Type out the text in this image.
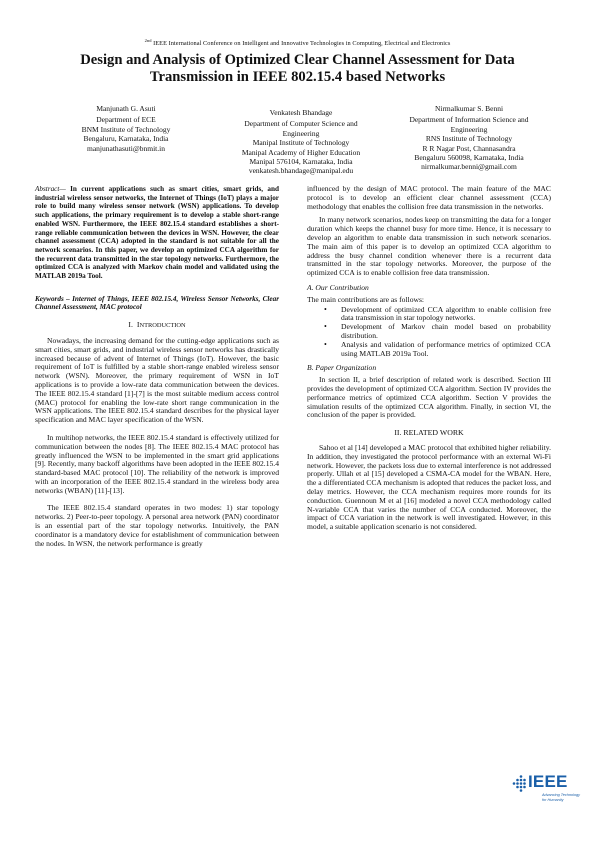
$^{2nd}$ IEEE International Conference on Intelligent and Innovative Technologies in Computing, Electrical and Electronics
Design and Analysis of Optimized Clear Channel Assessment for Data
Transmission in IEEE 802.15.4 based Networks
Manjunath G. Asuti
Department of ECE
BNM Institute of Technology
Bengaluru, Karnataka, India
manjunathasuti@bnmit.in
Venkatesh Bhandage
Department of Computer Science and
Engineering
Manipal Institute of Technology
Manipal Academy of Higher Education
Manipal 576104, Karnataka, India
venkatesh.bhandage@manipal.edu
Nirmalkumar S. Benni
Department of Information Science and
Engineering
RNS Institute of Technology
R R Nagar Post, Channasandra
Bengaluru 560098, Karnataka, India
nirmalkumar.benni@gmail.com

Abstract— In current applications such as smart cities, smart grids, and industrial wireless sensor networks, the Internet of Things (IoT) plays a major role to build many wireless sensor network (WSN) applications. To develop such applications, the primary requirement is to develop a stable short-range enabled WSN. Furthermore, the IEEE 802.15.4 standard establishes a short-range reliable communication between the devices in WSN. However, the clear channel assessment (CCA) adopted in the standard is not suitable for all the network scenarios. In this paper, we develop an optimized CCA algorithm for the recurrent data transmitted in the star topology networks. Furthermore, the optimized CCA is analyzed with Markov chain model and validated using the MATLAB 2019a Tool.

Keywords – Internet of Things, IEEE 802.15.4, Wireless Sensor Networks, Clear Channel Assessment, MAC protocol

I. INTRODUCTION

Nowadays, the increasing demand for the cutting-edge applications such as smart cities, smart grids, and industrial wireless sensor networks has drastically increased because of advent of Internet of Things (IoT). However, the basic requirement of IoT is fulfilled by a stable short-range enabled wireless sensor network (WSN). Moreover, the primary requirement of WSN in IoT applications is to provide a low-rate data communication between the devices. The IEEE 802.15.4 standard [1]-[7] is the most suitable medium access control (MAC) protocol for enabling the low-rate short range communication in the WSN applications. The IEEE 802.15.4 standard describes for the physical layer specification and MAC layer specification of the WSN.

In multihop networks, the IEEE 802.15.4 standard is effectively utilized for communication between the nodes [8]. The IEEE 802.15.4 MAC protocol has greatly influenced the WSN to be implemented in the smart grid applications [9]. Recently, many backoff algorithms have been adopted in the IEEE 802.15.4 standard-based MAC protocol [10]. The reliability of the network is improved with an incorporation of the IEEE 802.15.4 standard in the wireless body area networks (WBAN) [11]-[13].

The IEEE 802.15.4 standard operates in two modes: 1) star topology networks. 2) Peer-to-peer topology. A personal area network (PAN) coordinator is an essential part of the star topology networks. Intuitively, the PAN coordinator is a mandatory device for establishment of communication between the nodes. In WSN, the network performance is greatly

influenced by the design of MAC protocol. The main feature of the MAC protocol is to develop an efficient clear channel assessment (CCA) methodology that enables the collision free data transmission in the networks.

In many network scenarios, nodes keep on transmitting the data for a longer duration which keeps the channel busy for more time. Hence, it is necessary to develop an algorithm to enable data transmission in such network scenarios. The main aim of this paper is to develop an optimized CCA algorithm to address the busy channel condition whenever there is a recurrent data transmitted in the star topology networks. Moreover, the purpose of the optimized CCA is to enable collision free data transmission.

A. Our Contribution

The main contributions are as follows:

• Development of optimized CCA algorithm to enable collision free data transmission in star topology networks.
• Development of Markov chain model based on probability distribution.
• Analysis and validation of performance metrics of optimized CCA using MATLAB 2019a Tool.
B. Paper Organization

In section II, a brief description of related work is described. Section III provides the development of optimized CCA algorithm. Section IV provides the performance metrics of optimized CCA algorithm. Section V provides the simulation results of the optimized CCA algorithm. Finally, in section VI, the conclusion of the paper is provided.

II. RELATED WORK

Sahoo et al [14] developed a MAC protocol that exhibited higher reliability. In addition, they investigated the protocol performance with an external Wi-Fi network. However, the packets loss due to external interference is not addressed properly. Ullah et al [15] developed a CSMA-CA model for the WBAN. Here, the a differentiated CCA mechanism is adopted that reduces the packet loss, and delay metrics. However, the CCA mechanism requires more rounds for its conduction. Guennoun M et al [16] modeled a novel CCA methodology called N-variable CCA that varies the number of CCA conducted. Moreover, the impact of CCA variation in the network is well investigated. However, in this model, a suitable application scenario is not considered.

IEEE
Advancing Technology
for Humanity
